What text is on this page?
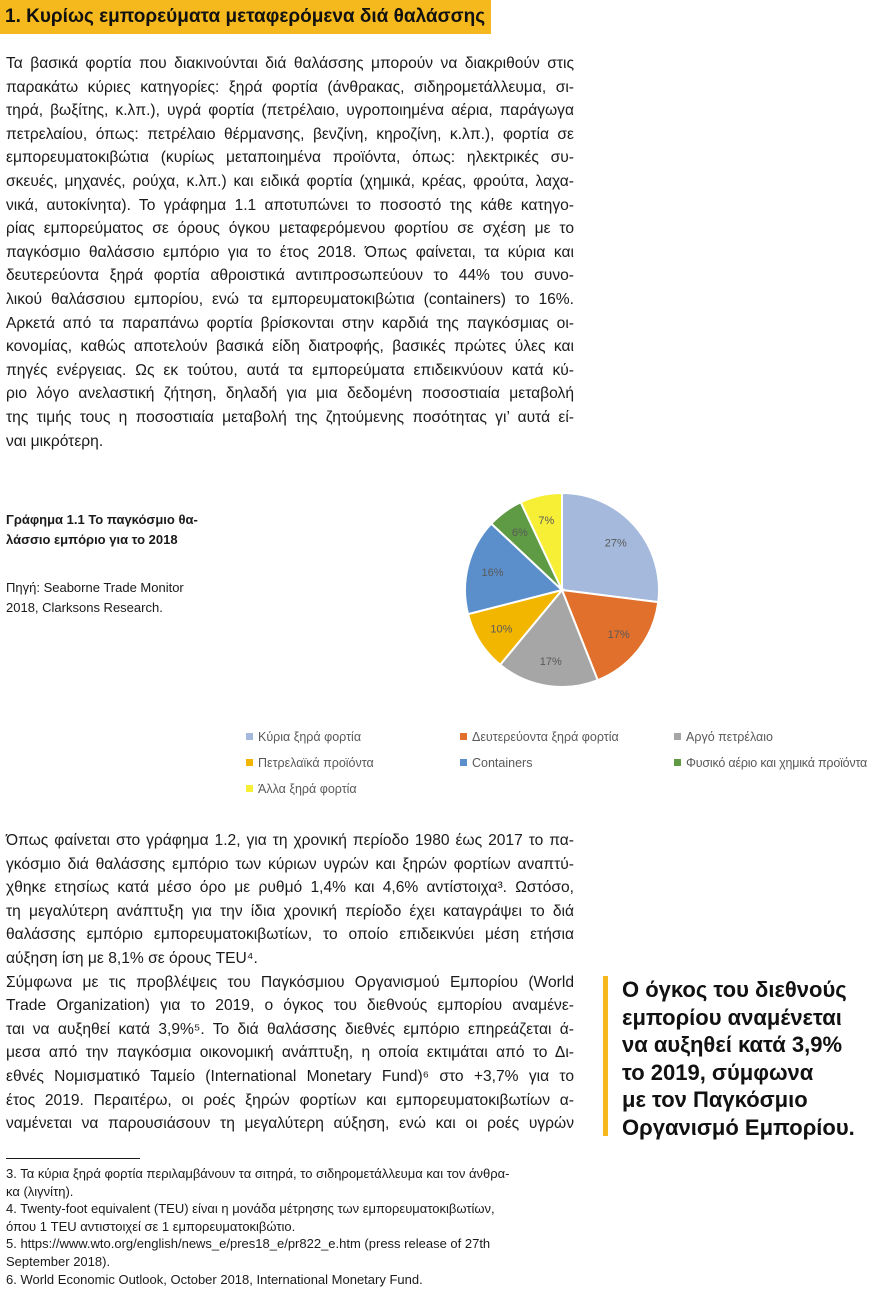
1. Κυρίως εμπορεύματα μεταφερόμενα διά θαλάσσης
Τα βασικά φορτία που διακινούνται διά θαλάσσης μπορούν να διακριθούν στις
παρακάτω κύριες κατηγορίες: ξηρά φορτία (άνθρακας, σιδηρομετάλλευμα, σι-
τηρά, βωξίτης, κ.λπ.), υγρά φορτία (πετρέλαιο, υγροποιημένα αέρια, παράγωγα
πετρελαίου, όπως: πετρέλαιο θέρμανσης, βενζίνη, κηροζίνη, κ.λπ.), φορτία σε
εμπορευματοκιβώτια (κυρίως μεταποιημένα προϊόντα, όπως: ηλεκτρικές συ-
σκευές, μηχανές, ρούχα, κ.λπ.) και ειδικά φορτία (χημικά, κρέας, φρούτα, λαχα-
νικά, αυτοκίνητα). Το γράφημα 1.1 αποτυπώνει το ποσοστό της κάθε κατηγο-
ρίας εμπορεύματος σε όρους όγκου μεταφερόμενου φορτίου σε σχέση με το
παγκόσμιο θαλάσσιο εμπόριο για το έτος 2018. Όπως φαίνεται, τα κύρια και
δευτερεύοντα ξηρά φορτία αθροιστικά αντιπροσωπεύουν το 44% του συνο-
λικού θαλάσσιου εμπορίου, ενώ τα εμπορευματοκιβώτια (containers) το 16%.
Αρκετά από τα παραπάνω φορτία βρίσκονται στην καρδιά της παγκόσμιας οι-
κονομίας, καθώς αποτελούν βασικά είδη διατροφής, βασικές πρώτες ύλες και
πηγές ενέργειας. Ως εκ τούτου, αυτά τα εμπορεύματα επιδεικνύουν κατά κύ-
ριο λόγο ανελαστική ζήτηση, δηλαδή για μια δεδομένη ποσοστιαία μεταβολή
της τιμής τους η ποσοστιαία μεταβολή της ζητούμενης ποσότητας γι’ αυτά εί-
ναι μικρότερη.
Γράφημα 1.1 Το παγκόσμιο θα-
λάσσιο εμπόριο για το 2018
Πηγή: Seaborne Trade Monitor
2018, Clarksons Research.
27%
17%
17%
10%
16%
6%
7%
Κύρια ξηρά φορτία	Δευτερεύοντα ξηρά φορτία	Αργό πετρέλαιο
Πετρελαϊκά προϊόντα	Containers	Φυσικό αέριο και χημικά προϊόντα
Άλλα ξηρά φορτία
Όπως φαίνεται στο γράφημα 1.2, για τη χρονική περίοδο 1980 έως 2017 το πα-
γκόσμιο διά θαλάσσης εμπόριο των κύριων υγρών και ξηρών φορτίων αναπτύ-
χθηκε ετησίως κατά μέσο όρο με ρυθμό 1,4% και 4,6% αντίστοιχα³. Ωστόσο,
τη μεγαλύτερη ανάπτυξη για την ίδια χρονική περίοδο έχει καταγράψει το διά
θαλάσσης εμπόριο εμπορευματοκιβωτίων, το οποίο επιδεικνύει μέση ετήσια
αύξηση ίση με 8,1% σε όρους TEU⁴.
Σύμφωνα με τις προβλέψεις του Παγκόσμιου Οργανισμού Εμπορίου (World
Trade Organization) για το 2019, ο όγκος του διεθνούς εμπορίου αναμένε-
ται να αυξηθεί κατά 3,9%⁵. Το διά θαλάσσης διεθνές εμπόριο επηρεάζεται ά-
μεσα από την παγκόσμια οικονομική ανάπτυξη, η οποία εκτιμάται από το Δι-
εθνές Νομισματικό Ταμείο (International Monetary Fund)⁶ στο +3,7% για το
έτος 2019. Περαιτέρω, οι ροές ξηρών φορτίων και εμπορευματοκιβωτίων α-
ναμένεται να παρουσιάσουν τη μεγαλύτερη αύξηση, ενώ και οι ροές υγρών
Ο όγκος του διεθνούς
εμπορίου αναμένεται
να αυξηθεί κατά 3,9%
το 2019, σύμφωνα
με τον Παγκόσμιο
Οργανισμό Εμπορίου.
3. Τα κύρια ξηρά φορτία περιλαμβάνουν τα σιτηρά, το σιδηρομετάλλευμα και τον άνθρα-
κα (λιγνίτη).
4. Twenty-foot equivalent (TEU) είναι η μονάδα μέτρησης των εμπορευματοκιβωτίων,
όπου 1 TEU αντιστοιχεί σε 1 εμπορευματοκιβώτιο.
5. https://www.wto.org/english/news_e/pres18_e/pr822_e.htm (press release of 27th
September 2018).
6. World Economic Outlook, October 2018, International Monetary Fund.
